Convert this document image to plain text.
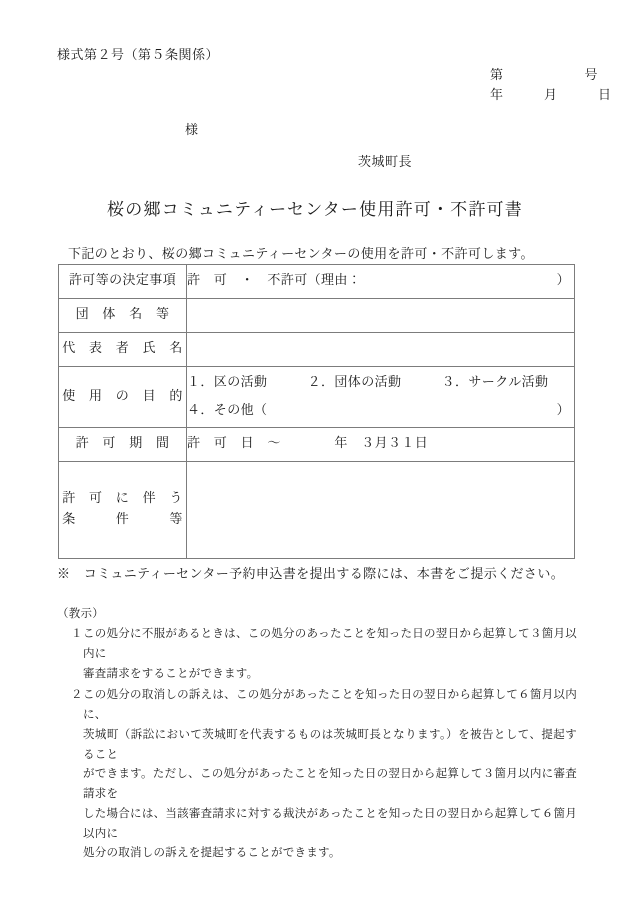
様式第２号（第５条関係）
第　　　　　　号
年　　　月　　　日
様
茨城町長
桜の郷コミュニティーセンター使用許可・不許可書
下記のとおり、桜の郷コミュニティーセンターの使用を許可・不許可します。
許可等の決定事項	許　可　・　不許可（理由： ）

団　体　名　等	
代　表　者　氏　名	
使　用　の　目　的	１．区の活動　　　２．団体の活動　　　３．サークル活動
４．その他（ ）

許　可　期　間	許　可　日　～　　　　年　３月３１日

許　可　に　伴　う
条　　　件　　　等	

※　コミュニティーセンター予約申込書を提出する際には、本書をご提示ください。

（教示）

１ この処分に不服があるときは、この処分のあったことを知った日の翌日から起算して３箇月以内に
審査請求をすることができます。
２ この処分の取消しの訴えは、この処分があったことを知った日の翌日から起算して６箇月以内に、
茨城町（訴訟において茨城町を代表するものは茨城町長となります。）を被告として、提起すること
ができます。ただし、この処分があったことを知った日の翌日から起算して３箇月以内に審査請求を
した場合には、当該審査請求に対する裁決があったことを知った日の翌日から起算して６箇月以内に
処分の取消しの訴えを提起することができます。
